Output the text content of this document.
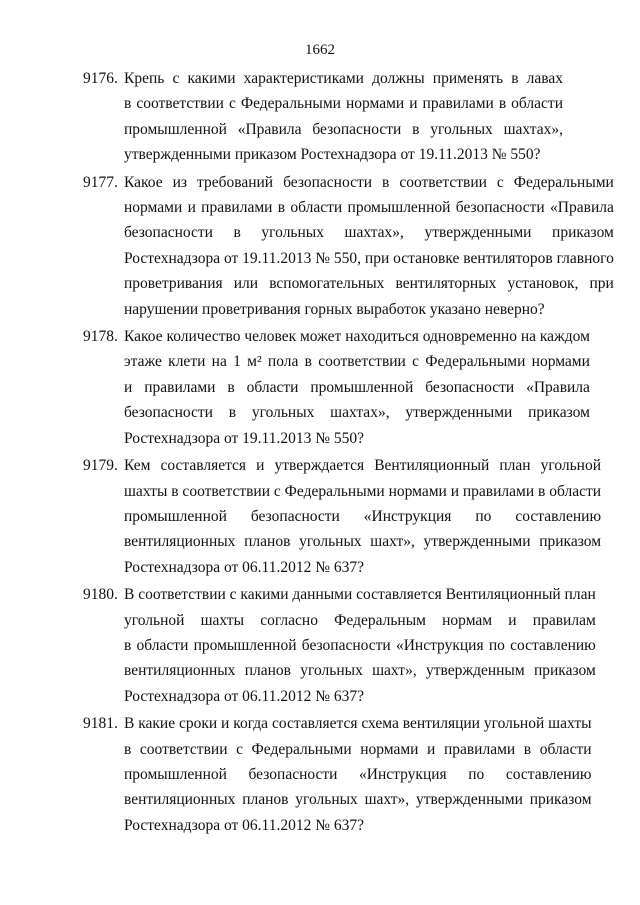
1662
9176. Крепь с какими характеристиками должны применять в лавах
в соответствии с Федеральными нормами и правилами в области
промышленной «Правила безопасности в угольных шахтах»,
утвержденными приказом Ростехнадзора от 19.11.2013 № 550?
9177. Какое из требований безопасности в соответствии с Федеральными
нормами и правилами в области промышленной безопасности «Правила
безопасности в угольных шахтах», утвержденными приказом
Ростехнадзора от 19.11.2013 № 550, при остановке вентиляторов главного
проветривания или вспомогательных вентиляторных установок, при
нарушении проветривания горных выработок указано неверно?
9178. Какое количество человек может находиться одновременно на каждом
этаже клети на 1 м² пола в соответствии с Федеральными нормами
и правилами в области промышленной безопасности «Правила
безопасности в угольных шахтах», утвержденными приказом
Ростехнадзора от 19.11.2013 № 550?
9179. Кем составляется и утверждается Вентиляционный план угольной
шахты в соответствии с Федеральными нормами и правилами в области
промышленной безопасности «Инструкция по составлению
вентиляционных планов угольных шахт», утвержденными приказом
Ростехнадзора от 06.11.2012 № 637?
9180. В соответствии с какими данными составляется Вентиляционный план
угольной шахты согласно Федеральным нормам и правилам
в области промышленной безопасности «Инструкция по составлению
вентиляционных планов угольных шахт», утвержденным приказом
Ростехнадзора от 06.11.2012 № 637?
9181. В какие сроки и когда составляется схема вентиляции угольной шахты
в соответствии с Федеральными нормами и правилами в области
промышленной безопасности «Инструкция по составлению
вентиляционных планов угольных шахт», утвержденными приказом
Ростехнадзора от 06.11.2012 № 637?
